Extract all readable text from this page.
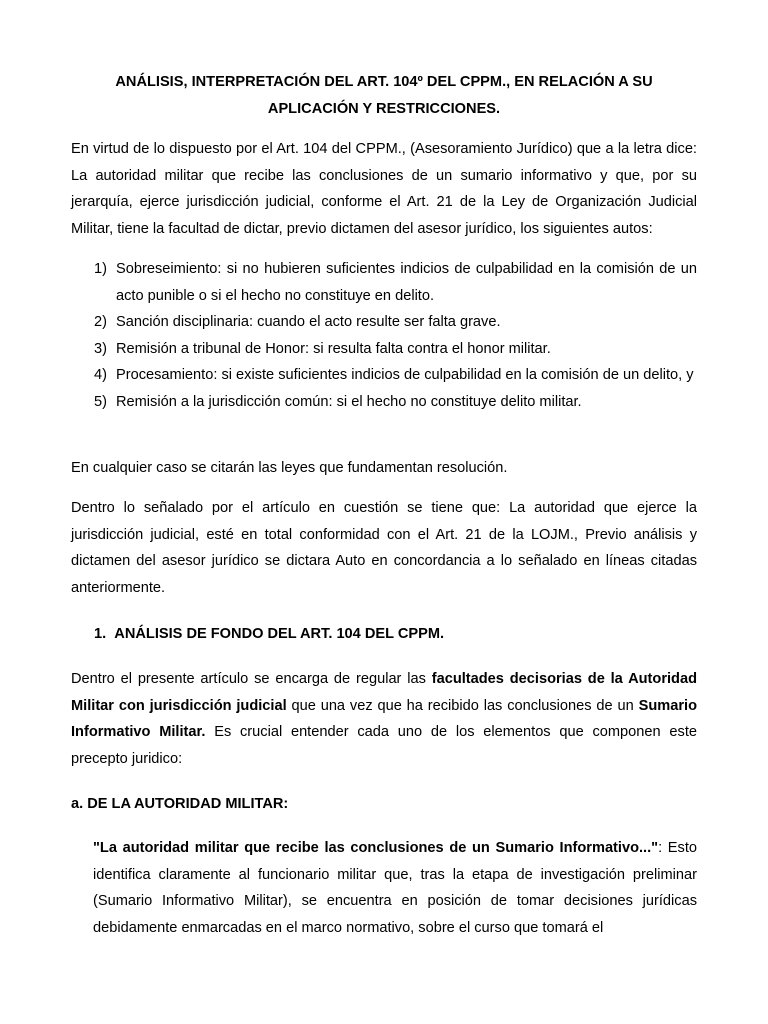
ANÁLISIS, INTERPRETACIÓN DEL ART. 104º DEL CPPM., EN RELACIÓN A SU APLICACIÓN Y RESTRICCIONES.
En virtud de lo dispuesto por el Art. 104 del CPPM., (Asesoramiento Jurídico) que a la letra dice: La autoridad militar que recibe las conclusiones de un sumario informativo y que, por su jerarquía, ejerce jurisdicción judicial, conforme el Art. 21 de la Ley de Organización Judicial Militar, tiene la facultad de dictar, previo dictamen del asesor jurídico, los siguientes autos:
1) Sobreseimiento: si no hubieren suficientes indicios de culpabilidad en la comisión de un acto punible o si el hecho no constituye en delito.
2) Sanción disciplinaria: cuando el acto resulte ser falta grave.
3) Remisión a tribunal de Honor: si resulta falta contra el honor militar.
4) Procesamiento: si existe suficientes indicios de culpabilidad en la comisión de un delito, y
5) Remisión a la jurisdicción común: si el hecho no constituye delito militar.
En cualquier caso se citarán las leyes que fundamentan resolución.
Dentro lo señalado por el artículo en cuestión se tiene que: La autoridad que ejerce la jurisdicción judicial, esté en total conformidad con el Art. 21 de la LOJM., Previo análisis y dictamen del asesor jurídico se dictara Auto en concordancia a lo señalado en líneas citadas anteriormente.
1. ANÁLISIS DE FONDO DEL ART. 104 DEL CPPM.
Dentro el presente artículo se encarga de regular las facultades decisorias de la Autoridad Militar con jurisdicción judicial que una vez que ha recibido las conclusiones de un Sumario Informativo Militar. Es crucial entender cada uno de los elementos que componen este precepto juridico:
a. DE LA AUTORIDAD MILITAR:
"La autoridad militar que recibe las conclusiones de un Sumario Informativo...": Esto identifica claramente al funcionario militar que, tras la etapa de investigación preliminar (Sumario Informativo Militar), se encuentra en posición de tomar decisiones jurídicas debidamente enmarcadas en el marco normativo, sobre el curso que tomará el
